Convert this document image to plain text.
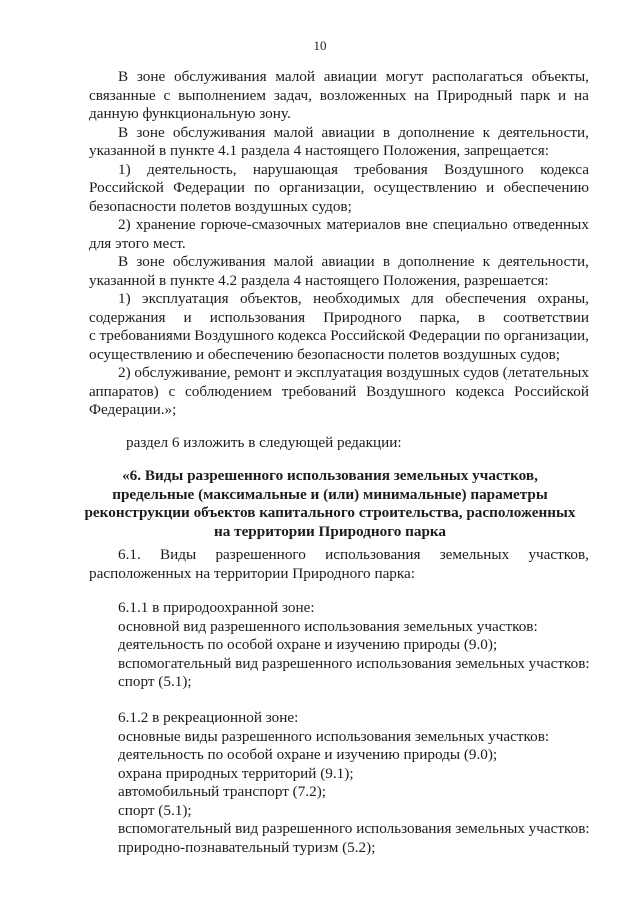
10
В зоне обслуживания малой авиации могут располагаться объекты,
связанные с выполнением задач, возложенных на Природный парк и на
данную функциональную зону.
В зоне обслуживания малой авиации в дополнение к деятельности,
указанной в пункте 4.1 раздела 4 настоящего Положения, запрещается:
1) деятельность, нарушающая требования Воздушного кодекса
Российской Федерации по организации, осуществлению и обеспечению
безопасности полетов воздушных судов;
2) хранение горюче-смазочных материалов вне специально отведенных
для этого мест.
В зоне обслуживания малой авиации в дополнение к деятельности,
указанной в пункте 4.2 раздела 4 настоящего Положения, разрешается:
1) эксплуатация объектов, необходимых для обеспечения охраны,
содержания и использования Природного парка, в соответствии
с требованиями Воздушного кодекса Российской Федерации по организации,
осуществлению и обеспечению безопасности полетов воздушных судов;
2) обслуживание, ремонт и эксплуатация воздушных судов (летательных
аппаратов) с соблюдением требований Воздушного кодекса Российской
Федерации.»;
раздел 6 изложить в следующей редакции:
«6. Виды разрешенного использования земельных участков,
предельные (максимальные и (или) минимальные) параметры
реконструкции объектов капитального строительства, расположенных
на территории Природного парка
6.1. Виды разрешенного использования земельных участков,
расположенных на территории Природного парка:
6.1.1 в природоохранной зоне:
основной вид разрешенного использования земельных участков:
деятельность по особой охране и изучению природы (9.0);
вспомогательный вид разрешенного использования земельных участков:
спорт (5.1);
6.1.2 в рекреационной зоне:
основные виды разрешенного использования земельных участков:
деятельность по особой охране и изучению природы (9.0);
охрана природных территорий (9.1);
автомобильный транспорт (7.2);
спорт (5.1);
вспомогательный вид разрешенного использования земельных участков:
природно-познавательный туризм (5.2);
